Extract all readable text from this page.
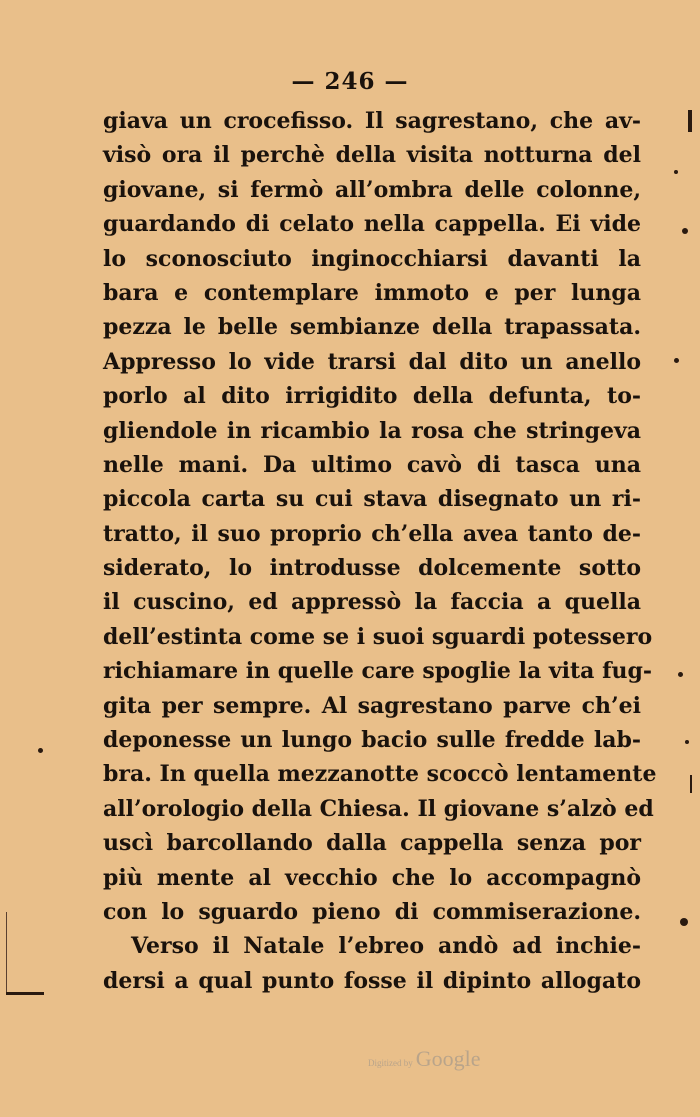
— 246 —
giava un crocefisso. Il sagrestano, che av-
visò ora il perchè della visita notturna del
giovane, si fermò all’ombra delle colonne,
guardando di celato nella cappella. Ei vide
lo sconosciuto inginocchiarsi davanti la
bara e contemplare immoto e per lunga
pezza le belle sembianze della trapassata.
Appresso lo vide trarsi dal dito un anello
porlo al dito irrigidito della defunta, to-
gliendole in ricambio la rosa che stringeva
nelle mani. Da ultimo cavò di tasca una
piccola carta su cui stava disegnato un ri-
tratto, il suo proprio ch’ella avea tanto de-
siderato, lo introdusse dolcemente sotto
il cuscino, ed appressò la faccia a quella
dell’estinta come se i suoi sguardi potessero
richiamare in quelle care spoglie la vita fug-
gita per sempre. Al sagrestano parve ch’ei
deponesse un lungo bacio sulle fredde lab-
bra. In quella mezzanotte scoccò lentamente
all’orologio della Chiesa. Il giovane s’alzò ed
uscì barcollando dalla cappella senza por
più mente al vecchio che lo accompagnò
con lo sguardo pieno di commiserazione.
Verso il Natale l’ebreo andò ad inchie-
dersi a qual punto fosse il dipinto allogato
Digitized by Google
